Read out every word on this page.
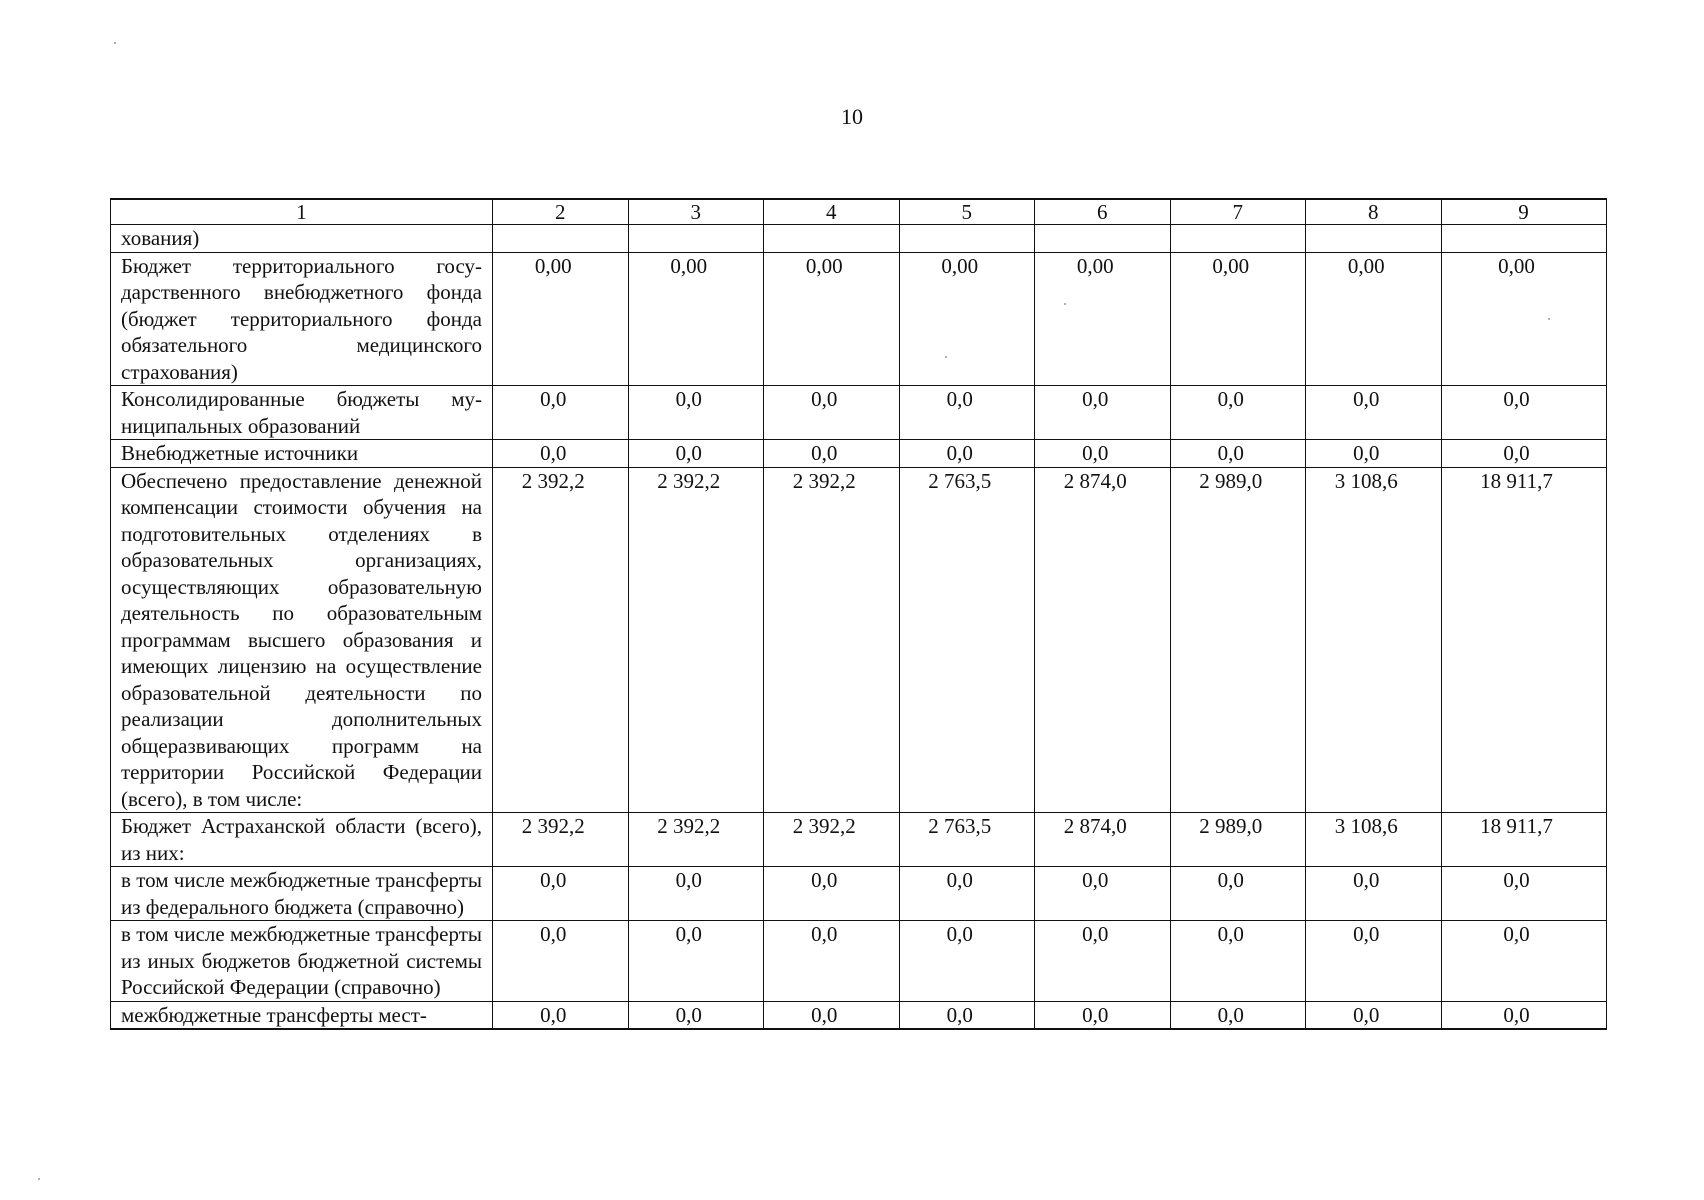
10
1	2	3	4	5	6	7	8	9
хования)								
Бюджет территориального государственного внебюджетного фонда (бюджет территориального фонда обязательного медицинского страхования)	0,00	0,00	0,00	0,00	0,00	0,00	0,00	0,00
Консолидированные бюджеты муниципальных образований	0,0	0,0	0,0	0,0	0,0	0,0	0,0	0,0
Внебюджетные источники	0,0	0,0	0,0	0,0	0,0	0,0	0,0	0,0
Обеспечено предоставление денежной компенсации стоимости обучения на подготовительных отделениях в образовательных организациях, осуществляющих образовательную деятельность по образовательным программам высшего образования и имеющих лицензию на осуществление образовательной деятельности по реализации дополнительных общеразвивающих программ на территории Российской Федерации (всего), в том числе:	2 392,2	2 392,2	2 392,2	2 763,5	2 874,0	2 989,0	3 108,6	18 911,7
Бюджет Астраханской области (всего), из них:	2 392,2	2 392,2	2 392,2	2 763,5	2 874,0	2 989,0	3 108,6	18 911,7
в том числе межбюджетные трансферты из федерального бюджета (справочно)	0,0	0,0	0,0	0,0	0,0	0,0	0,0	0,0
в том числе межбюджетные трансферты из иных бюджетов бюджетной системы Российской Федерации (справочно)	0,0	0,0	0,0	0,0	0,0	0,0	0,0	0,0
межбюджетные трансферты мест-	0,0	0,0	0,0	0,0	0,0	0,0	0,0	0,0
